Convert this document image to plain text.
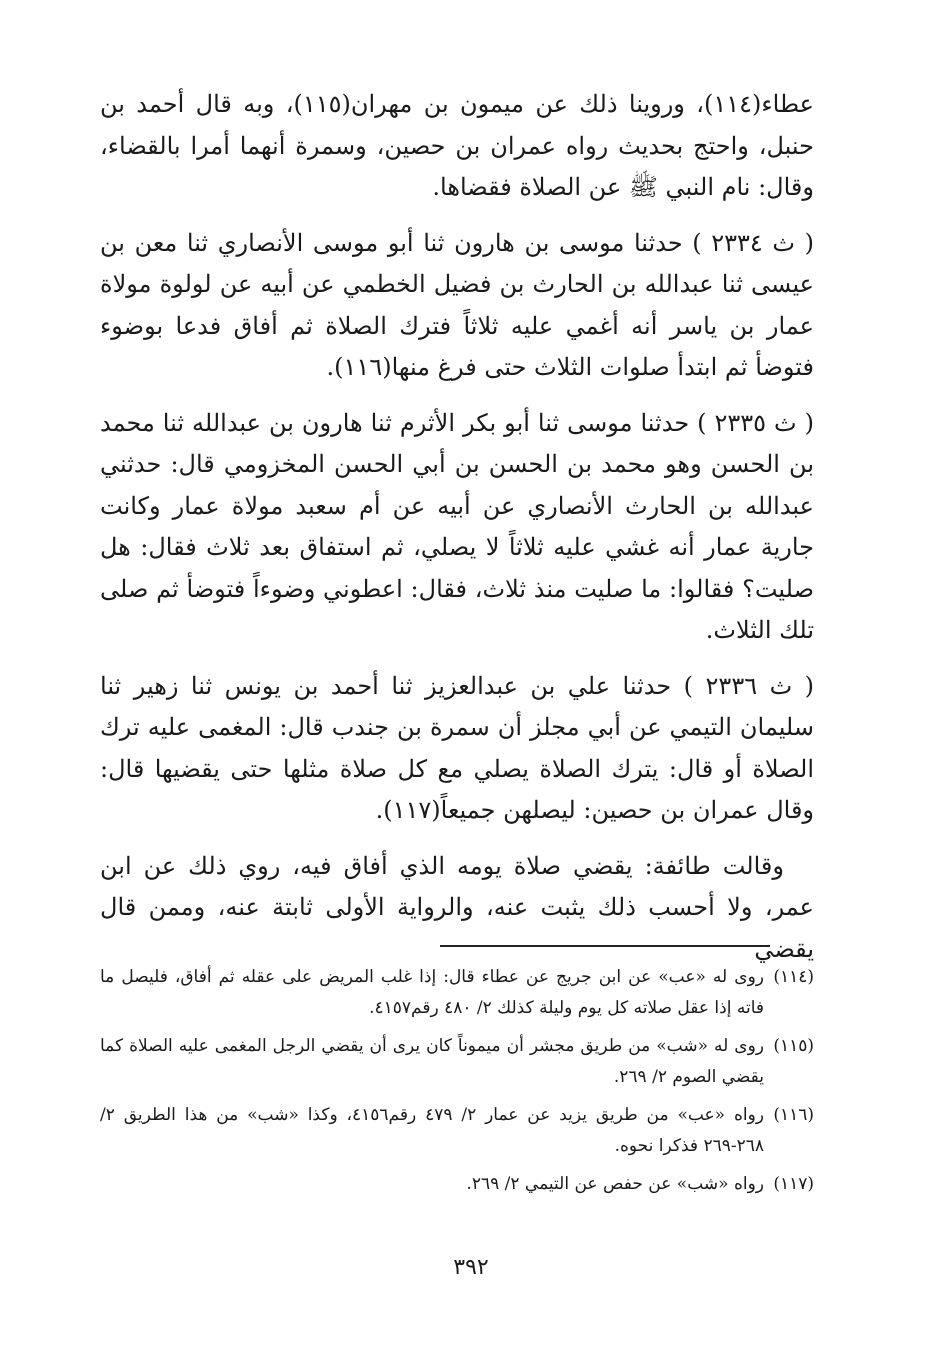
عطاء(١١٤)، وروينا ذلك عن ميمون بن مهران(١١٥)، وبه قال أحمد بن حنبل، واحتج بحديث رواه عمران بن حصين، وسمرة أنهما أمرا بالقضاء، وقال: نام النبي ﷺ عن الصلاة فقضاها.

( ث ٢٣٣٤ ) حدثنا موسى بن هارون ثنا أبو موسى الأنصاري ثنا معن بن عيسى ثنا عبدالله بن الحارث بن فضيل الخطمي عن أبيه عن لولوة مولاة عمار بن ياسر أنه أغمي عليه ثلاثاً فترك الصلاة ثم أفاق فدعا بوضوء فتوضأ ثم ابتدأ صلوات الثلاث حتى فرغ منها(١١٦).

( ث ٢٣٣٥ ) حدثنا موسى ثنا أبو بكر الأثرم ثنا هارون بن عبدالله ثنا محمد بن الحسن وهو محمد بن الحسن بن أبي الحسن المخزومي قال: حدثني عبدالله بن الحارث الأنصاري عن أبيه عن أم سعبد مولاة عمار وكانت جارية عمار أنه غشي عليه ثلاثاً لا يصلي، ثم استفاق بعد ثلاث فقال: هل صليت؟ فقالوا: ما صليت منذ ثلاث، فقال: اعطوني وضوءاً فتوضأ ثم صلى تلك الثلاث.

( ث ٢٣٣٦ ) حدثنا علي بن عبدالعزيز ثنا أحمد بن يونس ثنا زهير ثنا سليمان التيمي عن أبي مجلز أن سمرة بن جندب قال: المغمى عليه ترك الصلاة أو قال: يترك الصلاة يصلي مع كل صلاة مثلها حتى يقضيها قال: وقال عمران بن حصين: ليصلهن جميعاً(١١٧).

وقالت طائفة: يقضي صلاة يومه الذي أفاق فيه، روي ذلك عن ابن عمر، ولا أحسب ذلك يثبت عنه، والرواية الأولى ثابتة عنه، وممن قال يقضي

(١١٤)
روى له «عب» عن ابن جريج عن عطاء قال: إذا غلب المريض على عقله ثم أفاق، فليصل ما فاته إذا عقل صلاته كل يوم وليلة كذلك ٢/ ٤٨٠ رقم٤١٥٧.
(١١٥)
روى له «شب» من طريق مجشر أن ميموناً كان يرى أن يقضي الرجل المغمى عليه الصلاة كما يقضي الصوم ٢/ ٢٦٩.
(١١٦)
رواه «عب» من طريق يزيد عن عمار ٢/ ٤٧٩ رقم٤١٥٦، وكذا «شب» من هذا الطريق ٢/ ٢٦٨-٢٦٩ فذكرا نحوه.
(١١٧)
رواه «شب» عن حفص عن التيمي ٢/ ٢٦٩.
٣٩٢
